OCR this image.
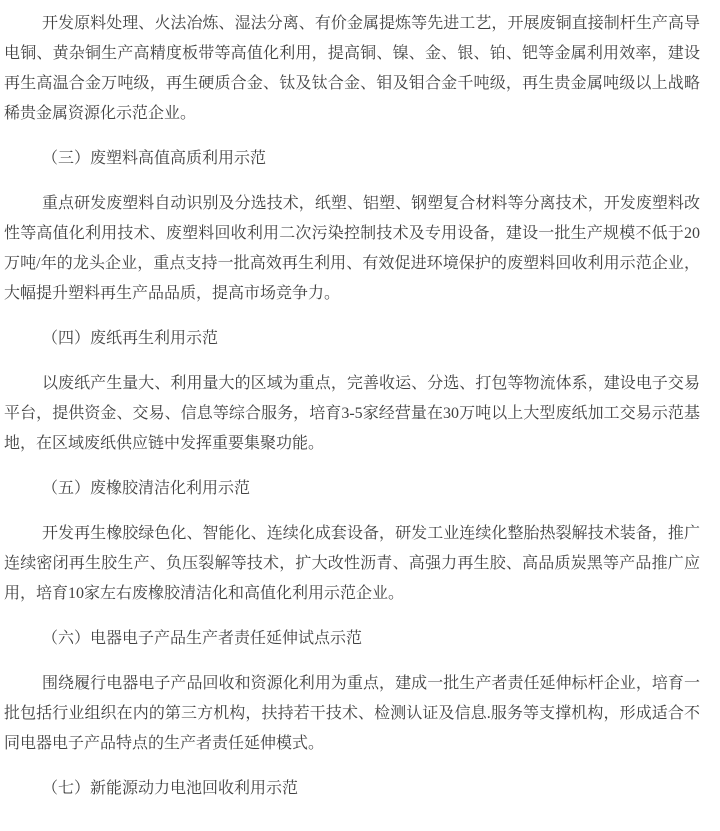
开发原料处理、火法冶炼、湿法分离、有价金属提炼等先进工艺，开展废铜直接制杆生产高导电铜、黄杂铜生产高精度板带等高值化利用，提高铜、镍、金、银、铂、钯等金属利用效率，建设再生高温合金万吨级，再生硬质合金、钛及钛合金、钼及钼合金千吨级，再生贵金属吨级以上战略稀贵金属资源化示范企业。

（三）废塑料高值高质利用示范

重点研发废塑料自动识别及分选技术，纸塑、铝塑、钢塑复合材料等分离技术，开发废塑料改性等高值化利用技术、废塑料回收利用二次污染控制技术及专用设备，建设一批生产规模不低于20万吨/年的龙头企业，重点支持一批高效再生利用、有效促进环境保护的废塑料回收利用示范企业，大幅提升塑料再生产品品质，提高市场竞争力。

（四）废纸再生利用示范

以废纸产生量大、利用量大的区域为重点，完善收运、分选、打包等物流体系，建设电子交易平台，提供资金、交易、信息等综合服务，培育3-5家经营量在30万吨以上大型废纸加工交易示范基地，在区域废纸供应链中发挥重要集聚功能。

（五）废橡胶清洁化利用示范

开发再生橡胶绿色化、智能化、连续化成套设备，研发工业连续化整胎热裂解技术装备，推广连续密闭再生胶生产、负压裂解等技术，扩大改性沥青、高强力再生胶、高品质炭黑等产品推广应用，培育10家左右废橡胶清洁化和高值化利用示范企业。

（六）电器电子产品生产者责任延伸试点示范

围绕履行电器电子产品回收和资源化利用为重点，建成一批生产者责任延伸标杆企业，培育一批包括行业组织在内的第三方机构，扶持若干技术、检测认证及信息.服务等支撑机构，形成适合不同电器电子产品特点的生产者责任延伸模式。

（七）新能源动力电池回收利用示范
